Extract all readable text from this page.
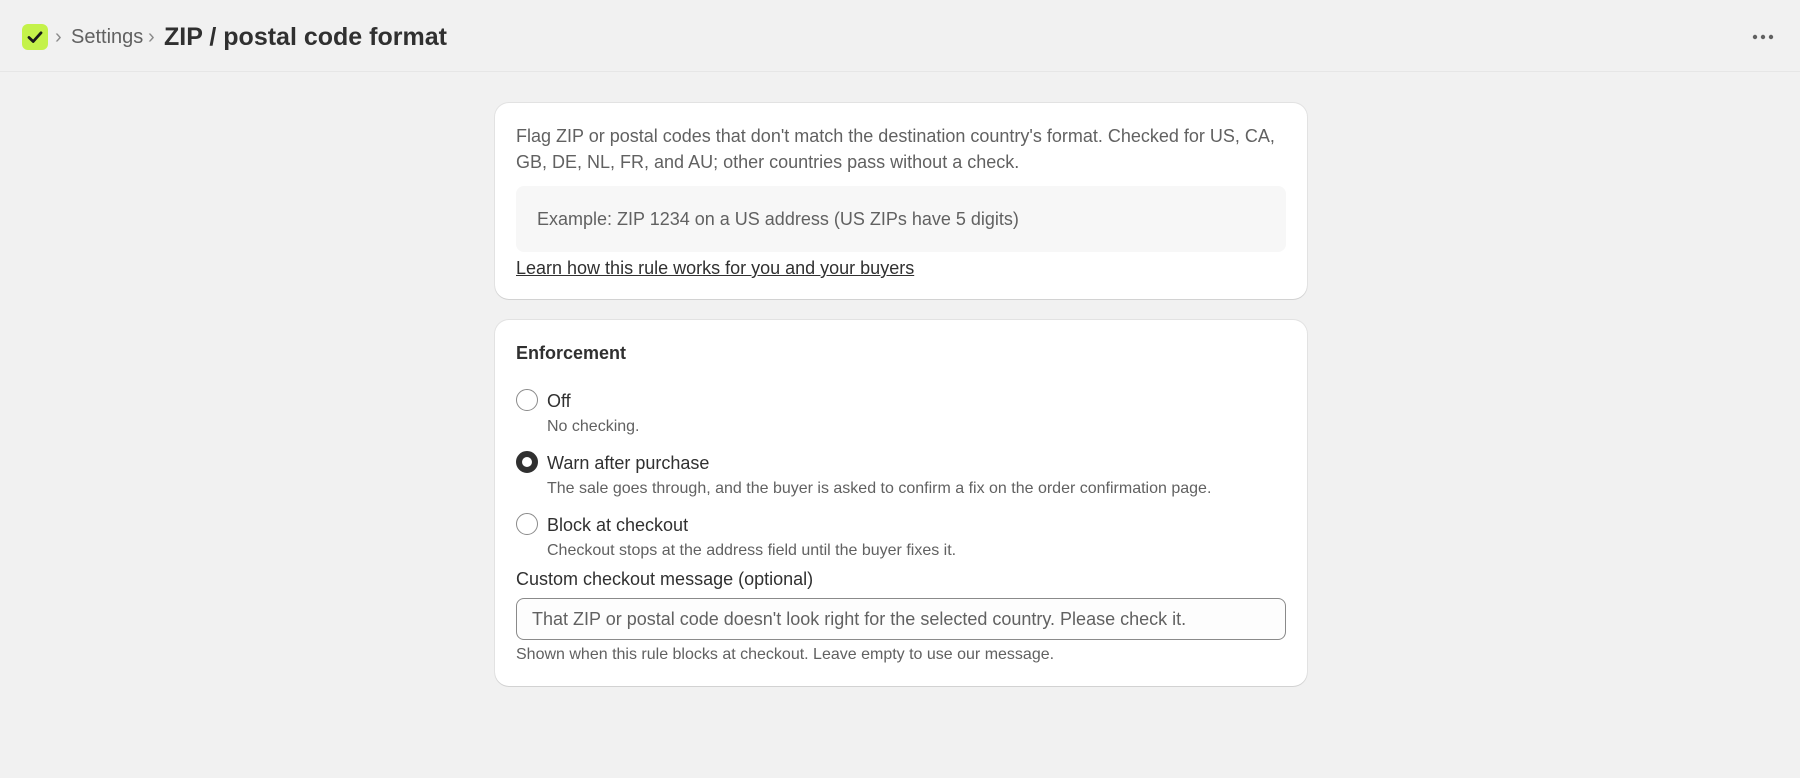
› Settings › ZIP / postal code format

Flag ZIP or postal codes that don't match the destination country's format. Checked for US, CA, GB, DE, NL, FR, and AU; other countries pass without a check.

Example: ZIP 1234 on a US address (US ZIPs have 5 digits)
Learn how this rule works for you and your buyers
Enforcement
Off
No checking.
Warn after purchase
The sale goes through, and the buyer is asked to confirm a fix on the order confirmation page.
Block at checkout
Checkout stops at the address field until the buyer fixes it.
Custom checkout message (optional)
That ZIP or postal code doesn't look right for the selected country. Please check it.

Shown when this rule blocks at checkout. Leave empty to use our message.
